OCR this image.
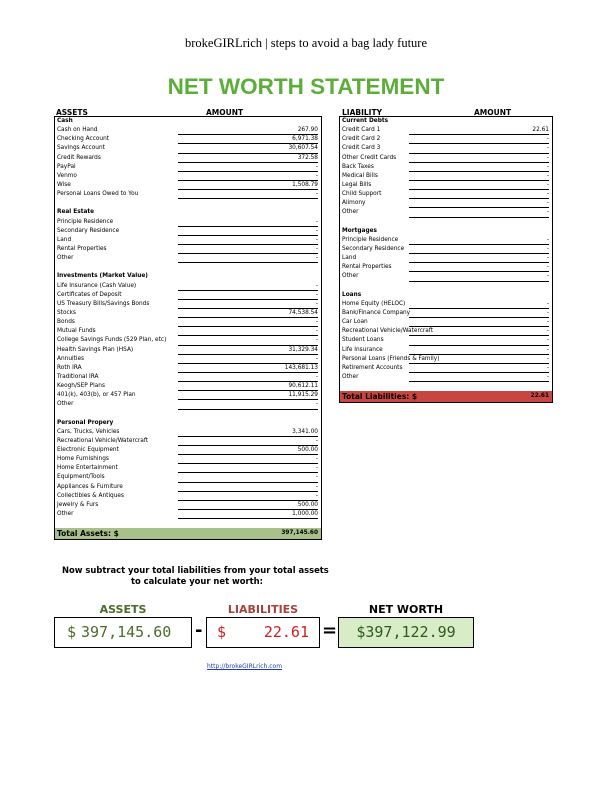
brokeGIRLrich | steps to avoid a bag lady future
NET WORTH STATEMENT
ASSETS	AMOUNT	LIABILITY	AMOUNT
Cash
Cash on Hand	267.90
Checking Account	6,971.38
Savings Account	30,607.54
Credit Rewards	372.58
PayPal	-
Venmo	-
Wise	1,508.79
Personal Loans Owed to You	-
Real Estate
Principle Residence	-
Secondary Residence	-
Land	-
Rental Properties	-
Other	-
Investments (Market Value)
Life Insurance (Cash Value)	-
Certificates of Deposit	-
US Treasury Bills/Savings Bonds	-
Stocks	74,538.54
Bonds	-
Mutual Funds	-
College Savings Funds (529 Plan, etc)	-
Health Savings Plan (HSA)	31,329.34
Annuities	-
Roth IRA	143,681.13
Traditional IRA	-
Keogh/SEP Plans	90,612.11
401(k), 403(b), or 457 Plan	11,915.29
Other	-
Personal Propery
Cars, Trucks, Vehicles	3,341.00
Recreational Vehicle/Watercraft	-
Electronic Equipment	500.00
Home Furnishings	-
Home Entertainment	-
Equipment/Tools	-
Appliances & Furniture	-
Collectibles & Antiques	-
Jewelry & Furs	500.00
Other	1,000.00
Total Assets: $	397,145.60
Current Debts
Credit Card 1	22.61
Credit Card 2	-
Credit Card 3	-
Other Credit Cards	-
Back Taxes	-
Medical Bills	-
Legal Bills	-
Child Support	-
Alimony	-
Other	-
Mortgages
Principle Residence	-
Secondary Residence	-
Land	-
Rental Properties	-
Other	-
Loans
Home Equity (HELOC)	-
Bank/Finance Company	-
Car Loan	-
Recreational Vehicle/Watercraft	-
Student Loans	-
Life Insurance	-
Personal Loans (Friends & Family)	-
Retirement Accounts	-
Other	-
Total Liabilities: $	22.61
Now subtract your total liabilities from your total assets
to calculate your net worth:
ASSETS	LIABILITIES	NET WORTH
$ 397,145.60 - $	22.61 =	$397,122.99
http://brokeGIRLrich.com
